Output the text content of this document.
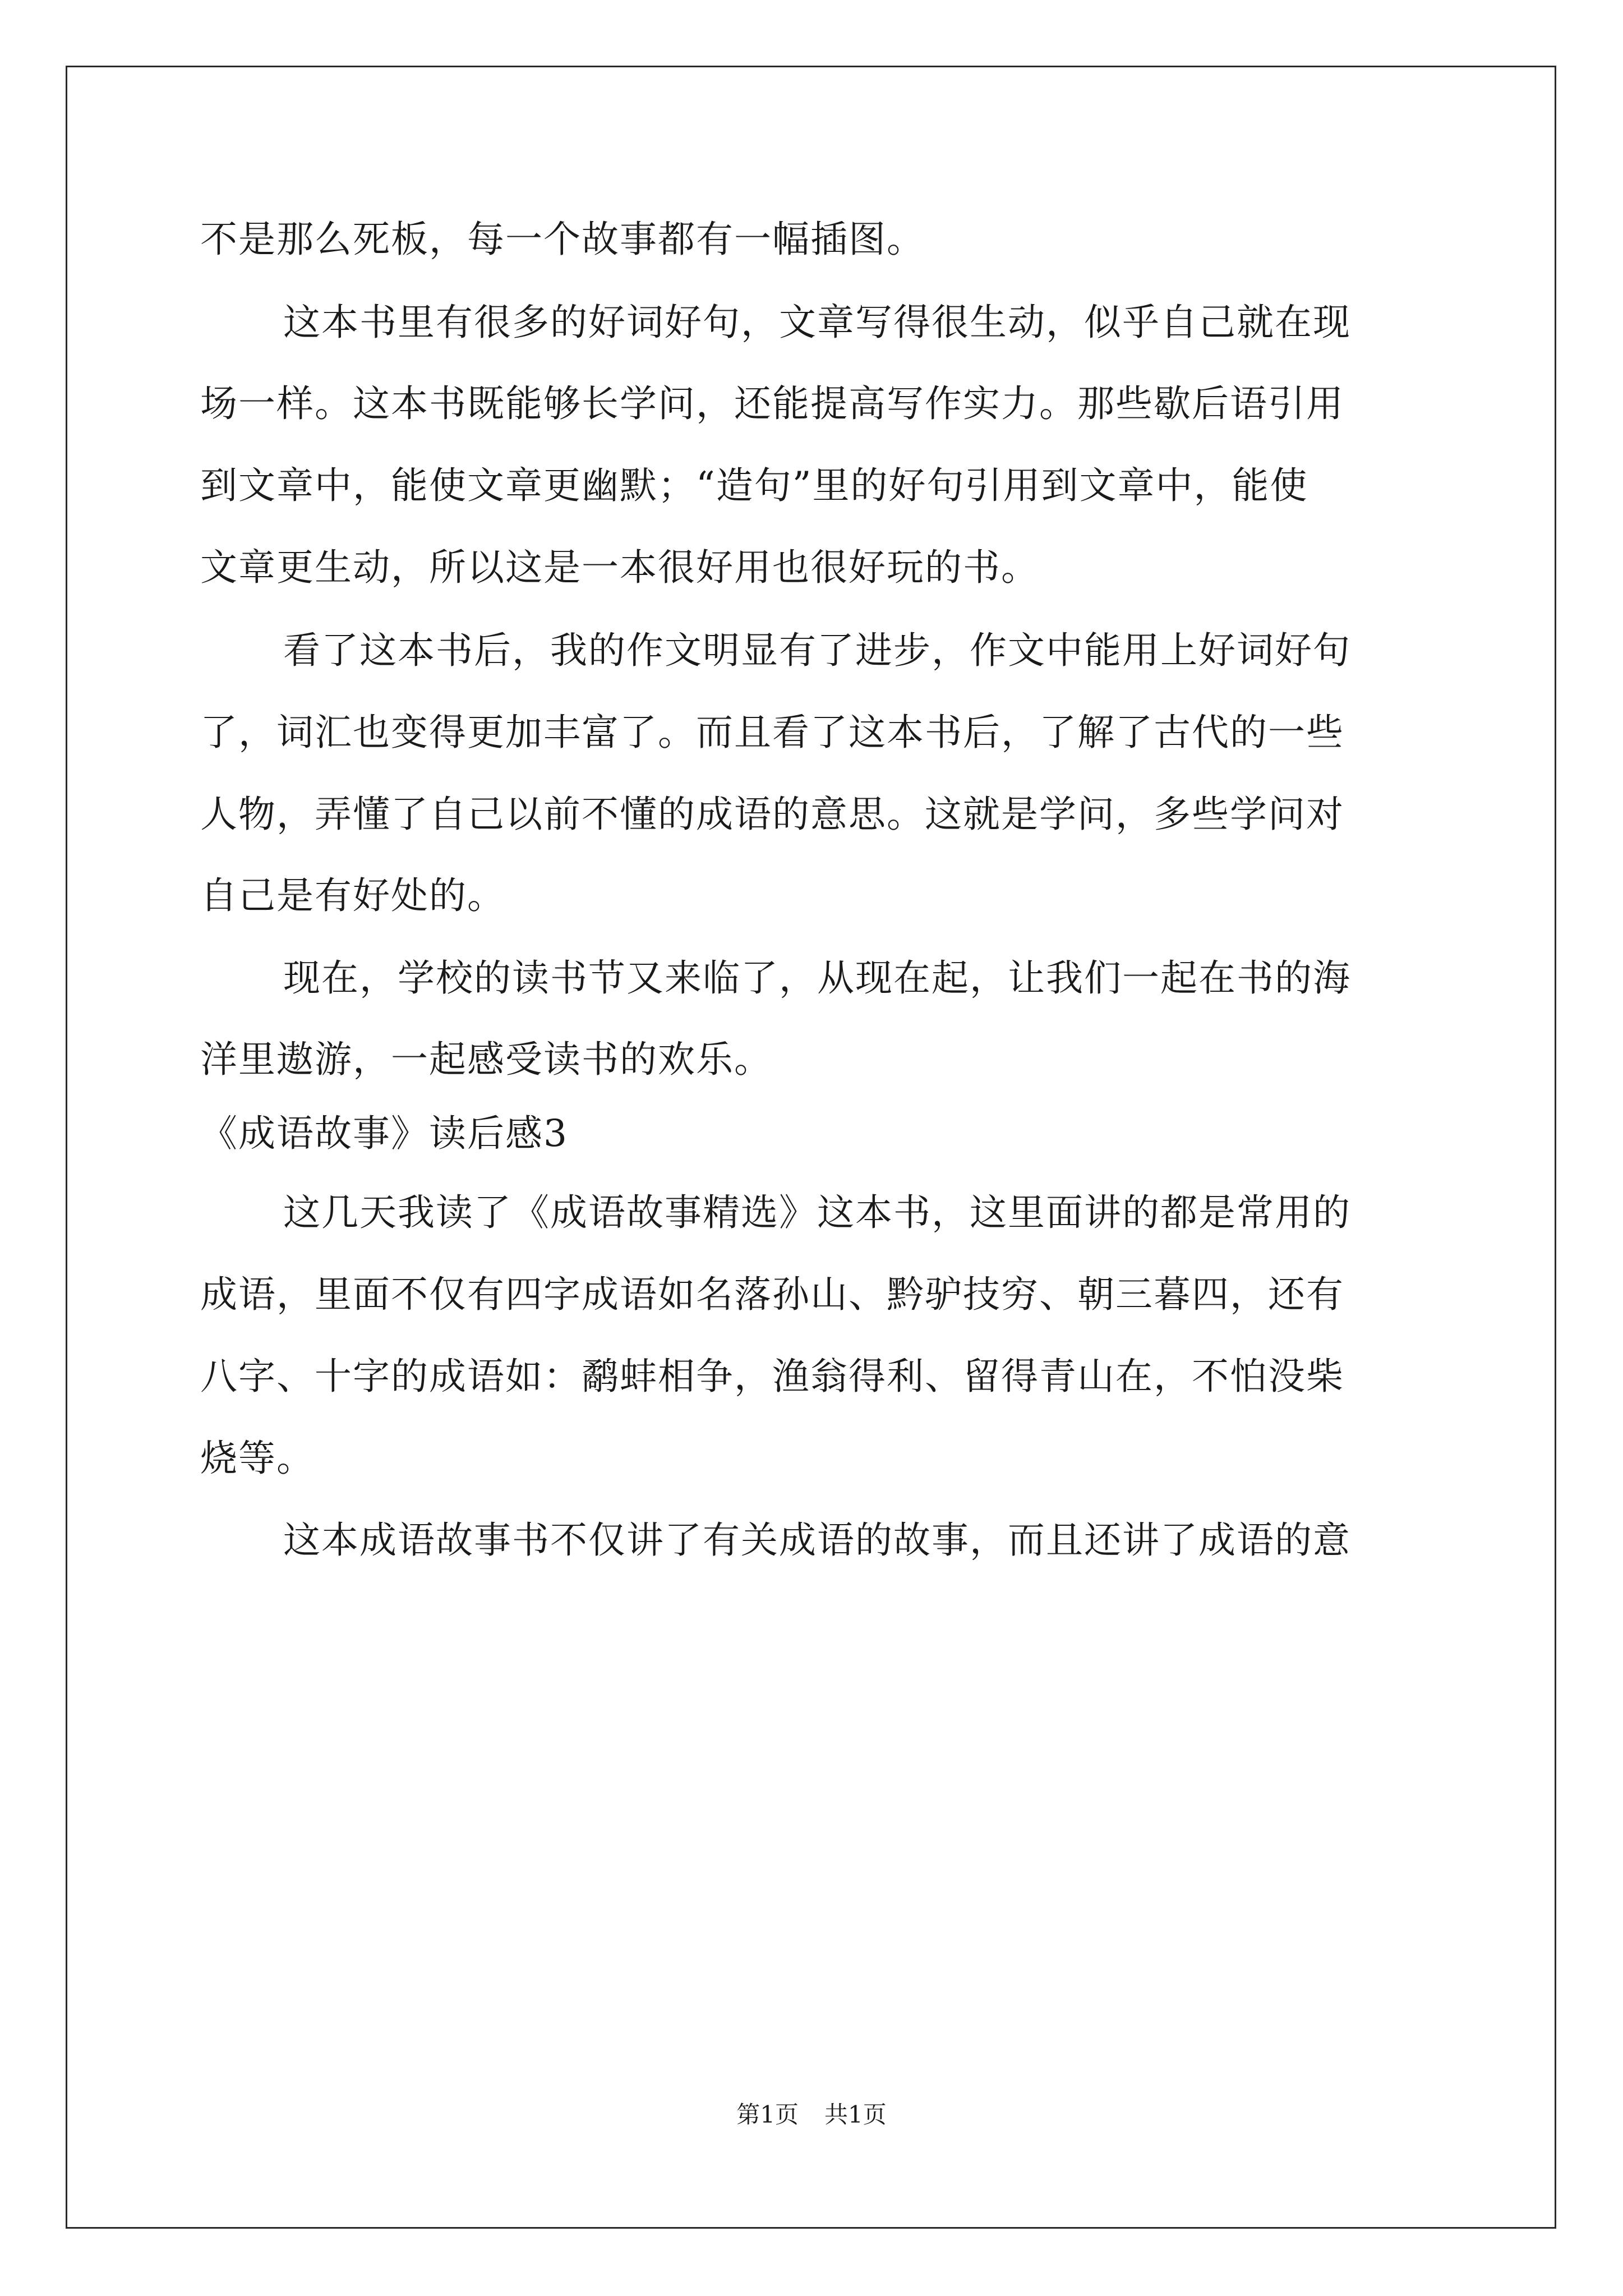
不是那么死板，每一个故事都有一幅插图。
这本书里有很多的好词好句，文章写得很生动，似乎自己就在现
场一样。这本书既能够长学问，还能提高写作实力。那些歇后语引用
到文章中，能使文章更幽默；“造句”里的好句引用到文章中，能使
文章更生动，所以这是一本很好用也很好玩的书。
看了这本书后，我的作文明显有了进步，作文中能用上好词好句
了，词汇也变得更加丰富了。而且看了这本书后，了解了古代的一些
人物，弄懂了自己以前不懂的成语的意思。这就是学问，多些学问对
自己是有好处的。
现在，学校的读书节又来临了，从现在起，让我们一起在书的海
洋里遨游，一起感受读书的欢乐。
《成语故事》读后感3
这几天我读了《成语故事精选》这本书，这里面讲的都是常用的
成语，里面不仅有四字成语如名落孙山、黔驴技穷、朝三暮四，还有
八字、十字的成语如：鹬蚌相争，渔翁得利、留得青山在，不怕没柴
烧等。
这本成语故事书不仅讲了有关成语的故事，而且还讲了成语的意
第1页 共1页
